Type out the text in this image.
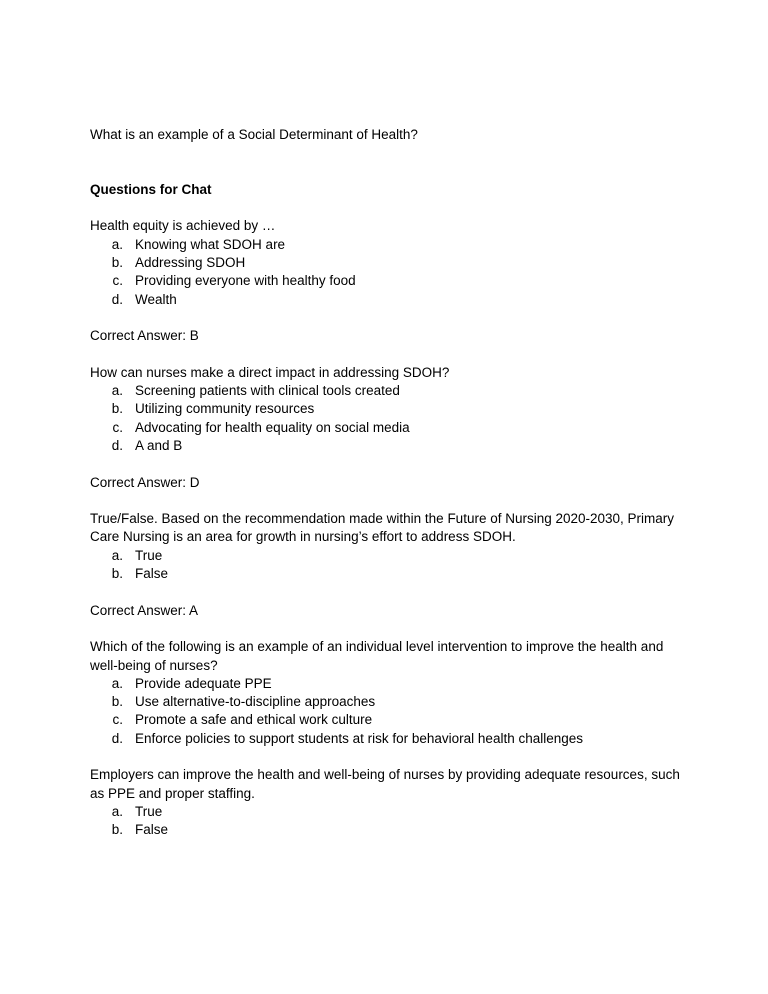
What is an example of a Social Determinant of Health?
Questions for Chat
Health equity is achieved by …
a. Knowing what SDOH are
b. Addressing SDOH
c. Providing everyone with healthy food
d. Wealth
Correct Answer: B
How can nurses make a direct impact in addressing SDOH?
a. Screening patients with clinical tools created
b. Utilizing community resources
c. Advocating for health equality on social media
d. A and B
Correct Answer: D
True/False. Based on the recommendation made within the Future of Nursing 2020-2030, Primary Care Nursing is an area for growth in nursing’s effort to address SDOH.
a. True
b. False
Correct Answer: A
Which of the following is an example of an individual level intervention to improve the health and well-being of nurses?
a. Provide adequate PPE
b. Use alternative-to-discipline approaches
c. Promote a safe and ethical work culture
d. Enforce policies to support students at risk for behavioral health challenges
Employers can improve the health and well-being of nurses by providing adequate resources, such as PPE and proper staffing.
a. True
b. False
